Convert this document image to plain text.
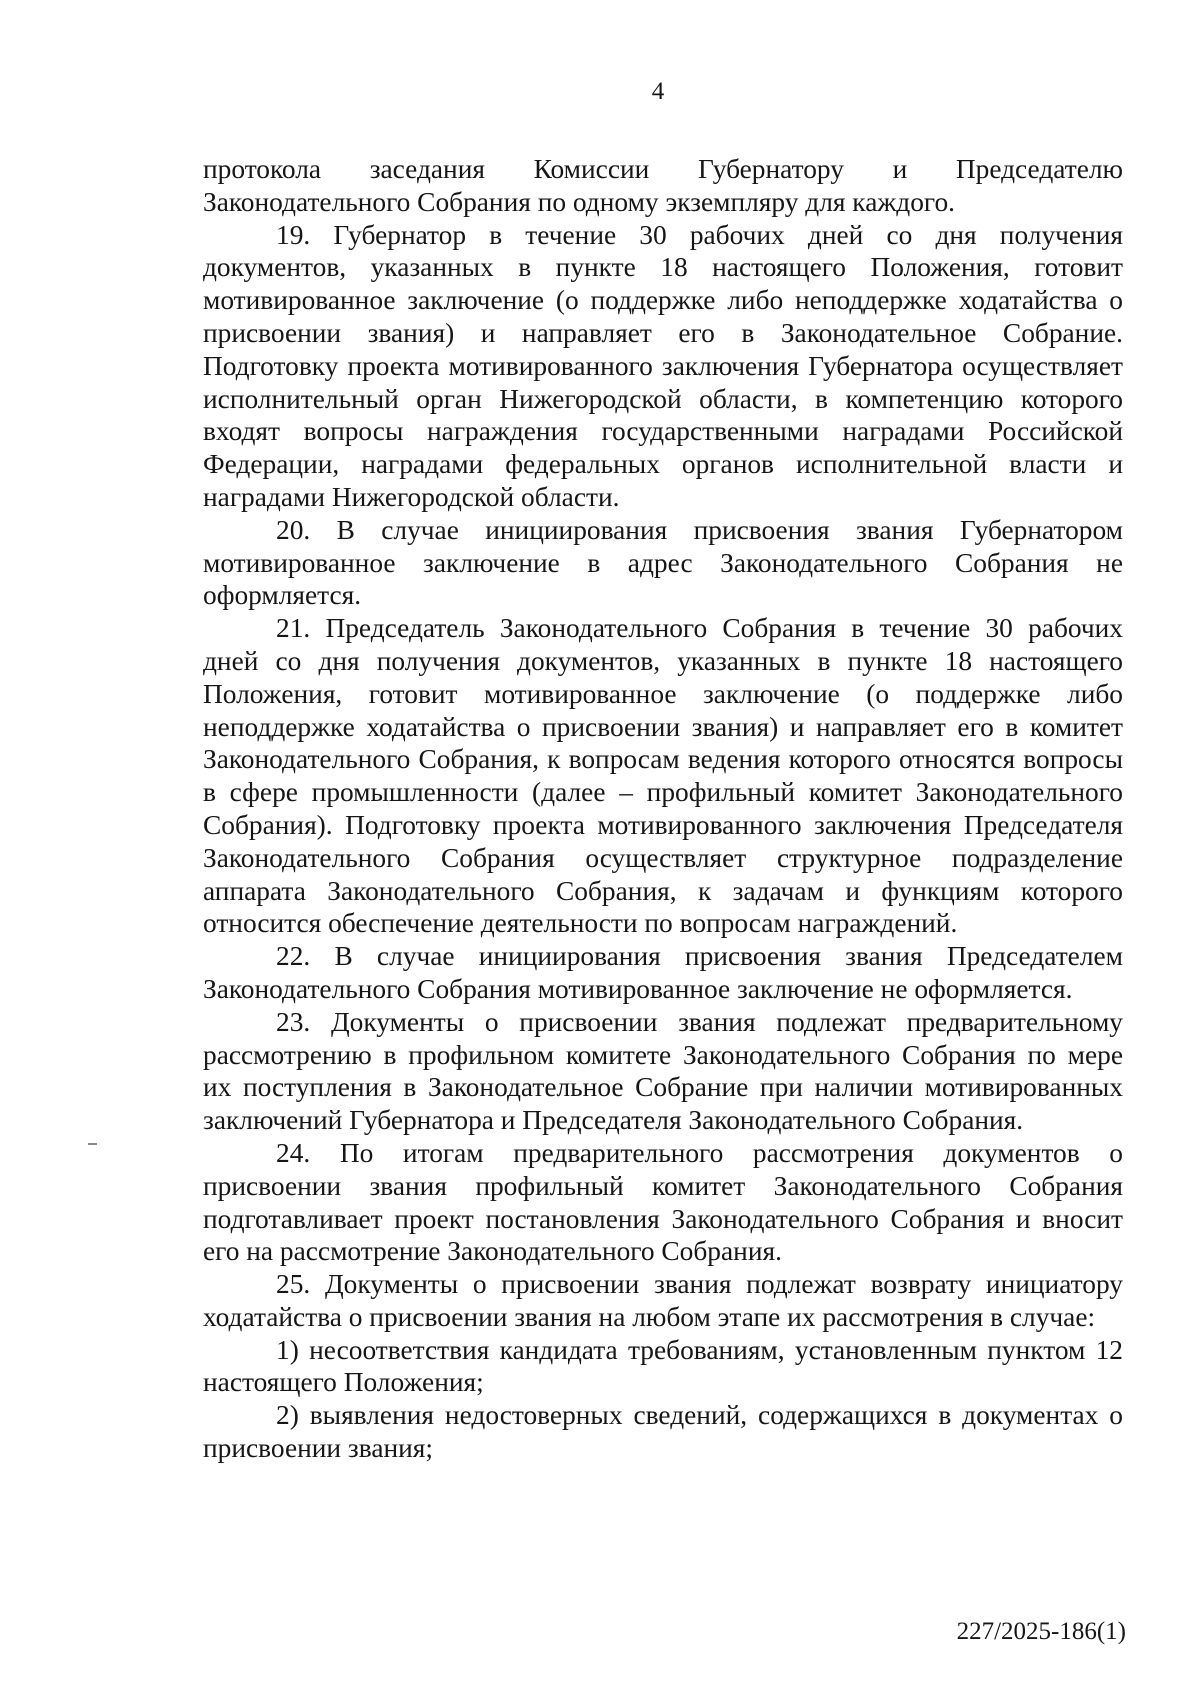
4

протокола заседания Комиссии Губернатору и Председателю Законодательного Собрания по одному экземпляру для каждого.

19. Губернатор в течение 30 рабочих дней со дня получения документов, указанных в пункте 18 настоящего Положения, готовит мотивированное заключение (о поддержке либо неподдержке ходатайства о присвоении звания) и направляет его в Законодательное Собрание. Подготовку проекта мотивированного заключения Губернатора осуществляет исполнительный орган Нижегородской области, в компетенцию которого входят вопросы награждения государственными наградами Российской Федерации, наградами федеральных органов исполнительной власти и наградами Нижегородской области.

20. В случае инициирования присвоения звания Губернатором мотивированное заключение в адрес Законодательного Собрания не оформляется.

21. Председатель Законодательного Собрания в течение 30 рабочих дней со дня получения документов, указанных в пункте 18 настоящего Положения, готовит мотивированное заключение (о поддержке либо неподдержке ходатайства о присвоении звания) и направляет его в комитет Законодательного Собрания, к вопросам ведения которого относятся вопросы в сфере промышленности (далее – профильный комитет Законодательного Собрания). Подготовку проекта мотивированного заключения Председателя Законодательного Собрания осуществляет структурное подразделение аппарата Законодательного Собрания, к задачам и функциям которого относится обеспечение деятельности по вопросам награждений.

22. В случае инициирования присвоения звания Председателем Законодательного Собрания мотивированное заключение не оформляется.

23. Документы о присвоении звания подлежат предварительному рассмотрению в профильном комитете Законодательного Собрания по мере их поступления в Законодательное Собрание при наличии мотивированных заключений Губернатора и Председателя Законодательного Собрания.

24. По итогам предварительного рассмотрения документов о присвоении звания профильный комитет Законодательного Собрания подготавливает проект постановления Законодательного Собрания и вносит его на рассмотрение Законодательного Собрания.

25. Документы о присвоении звания подлежат возврату инициатору ходатайства о присвоении звания на любом этапе их рассмотрения в случае:

1) несоответствия кандидата требованиям, установленным пунктом 12 настоящего Положения;

2) выявления недостоверных сведений, содержащихся в документах о присвоении звания;

227/2025-186(1)
